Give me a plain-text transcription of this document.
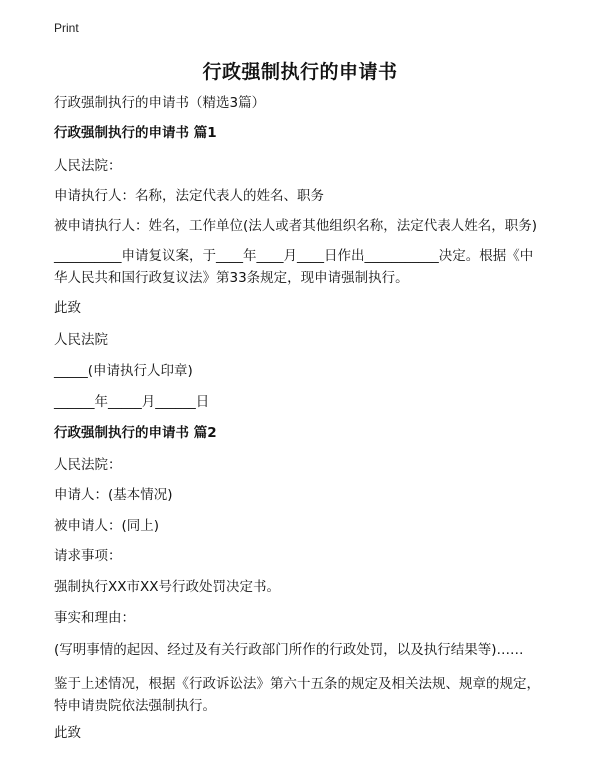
Print
行政强制执行的申请书
行政强制执行的申请书（精选3篇）
行政强制执行的申请书 篇1
人民法院：
申请执行人：名称，法定代表人的姓名、职务
被申请执行人：姓名，工作单位(法人或者其他组织名称，法定代表人姓名，职务)
__________申请复议案，于____年____月____日作出___________决定。根据《中
华人民共和国行政复议法》第33条规定，现申请强制执行。
此致
人民法院
_____(申请执行人印章)
______年_____月______日
行政强制执行的申请书 篇2
人民法院：
申请人：(基本情况)
被申请人：(同上)
请求事项：
强制执行XX市XX号行政处罚决定书。
事实和理由：
(写明事情的起因、经过及有关行政部门所作的行政处罚，以及执行结果等)……
鉴于上述情况，根据《行政诉讼法》第六十五条的规定及相关法规、规章的规定，
特申请贵院依法强制执行。
此致
